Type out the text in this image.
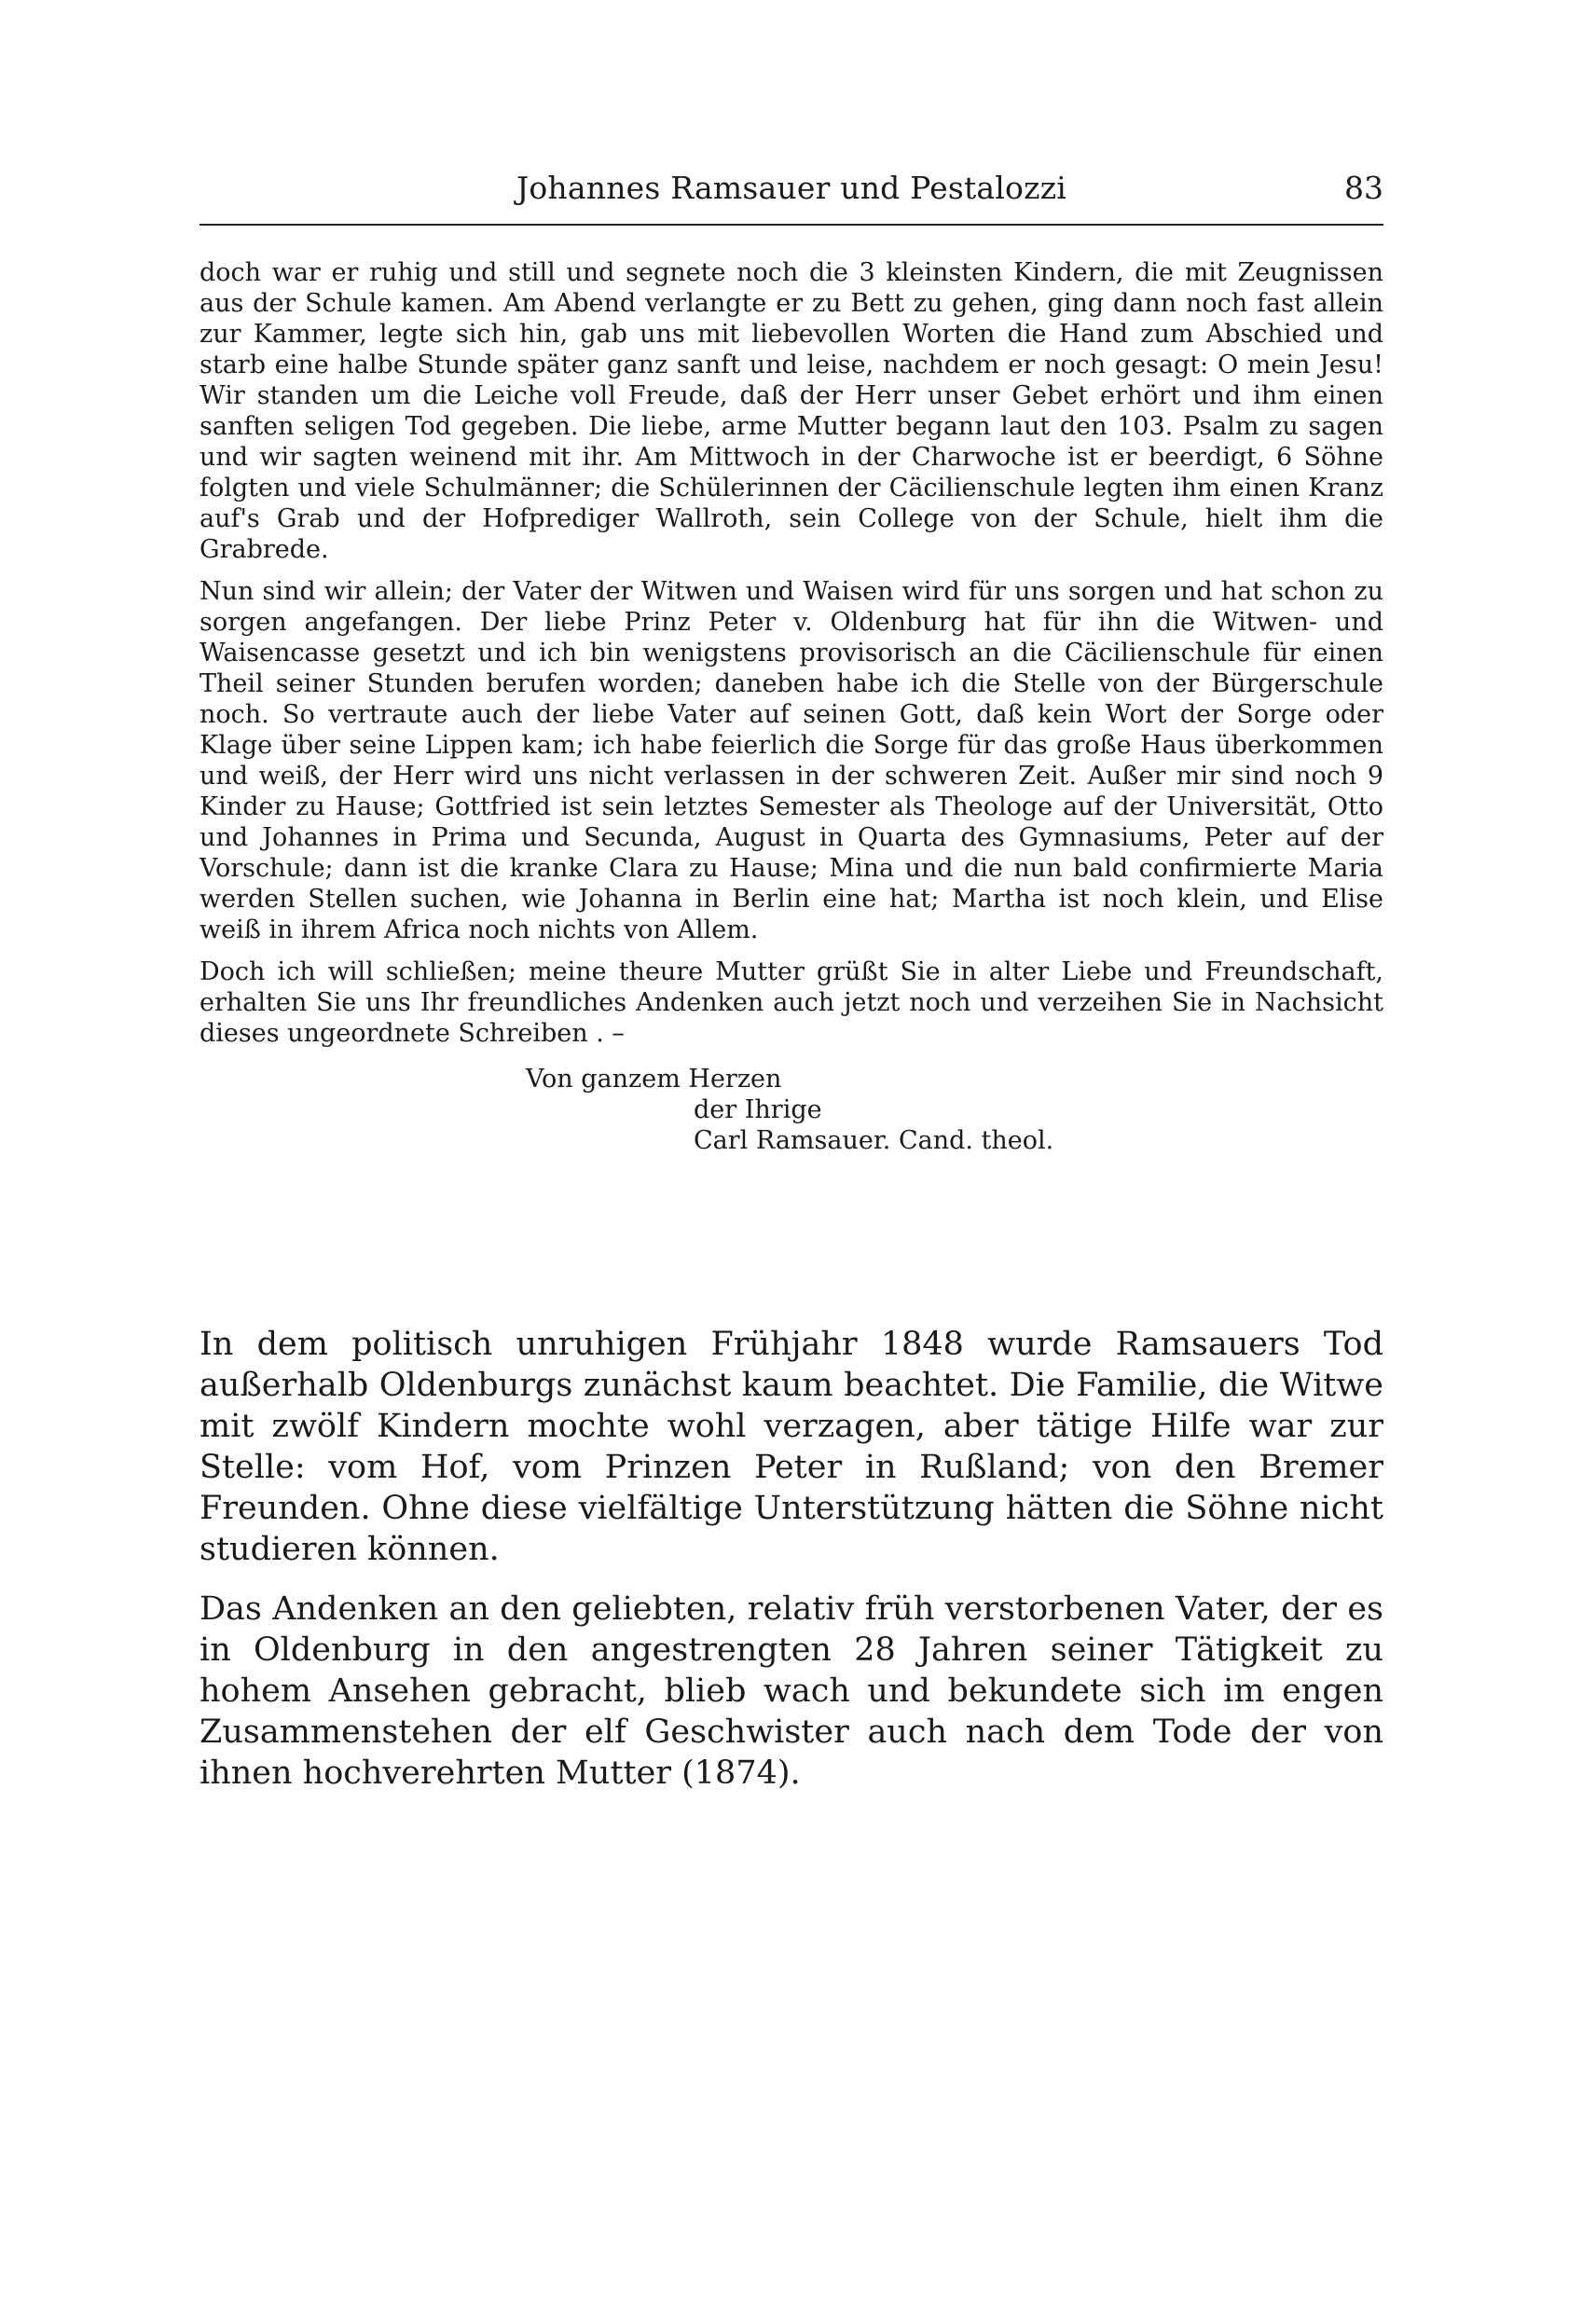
Johannes Ramsauer und Pestalozzi	83

doch war er ruhig und still und segnete noch die 3 kleinsten Kindern, die mit Zeugnissen aus der Schule kamen. Am Abend verlangte er zu Bett zu gehen, ging dann noch fast allein zur Kammer, legte sich hin, gab uns mit liebevollen Worten die Hand zum Abschied und starb eine halbe Stunde später ganz sanft und leise, nachdem er noch gesagt: O mein Jesu! Wir standen um die Leiche voll Freude, daß der Herr unser Gebet erhört und ihm einen sanften seligen Tod gegeben. Die liebe, arme Mutter begann laut den 103. Psalm zu sagen und wir sagten weinend mit ihr. Am Mittwoch in der Charwoche ist er beerdigt, 6 Söhne folgten und viele Schulmänner; die Schülerinnen der Cäcilienschule legten ihm einen Kranz auf's Grab und der Hofprediger Wallroth, sein College von der Schule, hielt ihm die Grabrede.

Nun sind wir allein; der Vater der Witwen und Waisen wird für uns sorgen und hat schon zu sorgen angefangen. Der liebe Prinz Peter v. Oldenburg hat für ihn die Witwen- und Waisencasse gesetzt und ich bin wenigstens provisorisch an die Cäcilienschule für einen Theil seiner Stunden berufen worden; daneben habe ich die Stelle von der Bürgerschule noch. So vertraute auch der liebe Vater auf seinen Gott, daß kein Wort der Sorge oder Klage über seine Lippen kam; ich habe feierlich die Sorge für das große Haus überkommen und weiß, der Herr wird uns nicht verlassen in der schweren Zeit. Außer mir sind noch 9 Kinder zu Hause; Gottfried ist sein letztes Semester als Theologe auf der Universität, Otto und Johannes in Prima und Secunda, August in Quarta des Gymnasiums, Peter auf der Vorschule; dann ist die kranke Clara zu Hause; Mina und die nun bald confirmierte Maria werden Stellen suchen, wie Johanna in Berlin eine hat; Martha ist noch klein, und Elise weiß in ihrem Africa noch nichts von Allem.

Doch ich will schließen; meine theure Mutter grüßt Sie in alter Liebe und Freundschaft, erhalten Sie uns Ihr freundliches Andenken auch jetzt noch und verzeihen Sie in Nachsicht dieses ungeordnete Schreiben . –

Von ganzem Herzen
der Ihrige
Carl Ramsauer. Cand. theol.

In dem politisch unruhigen Frühjahr 1848 wurde Ramsauers Tod außerhalb Oldenburgs zunächst kaum beachtet. Die Familie, die Witwe mit zwölf Kindern mochte wohl verzagen, aber tätige Hilfe war zur Stelle: vom Hof, vom Prinzen Peter in Rußland; von den Bremer Freunden. Ohne diese vielfältige Unterstützung hätten die Söhne nicht studieren können.

Das Andenken an den geliebten, relativ früh verstorbenen Vater, der es in Oldenburg in den angestrengten 28 Jahren seiner Tätigkeit zu hohem Ansehen gebracht, blieb wach und bekundete sich im engen Zusammenstehen der elf Geschwister auch nach dem Tode der von ihnen hochverehrten Mutter (1874).
